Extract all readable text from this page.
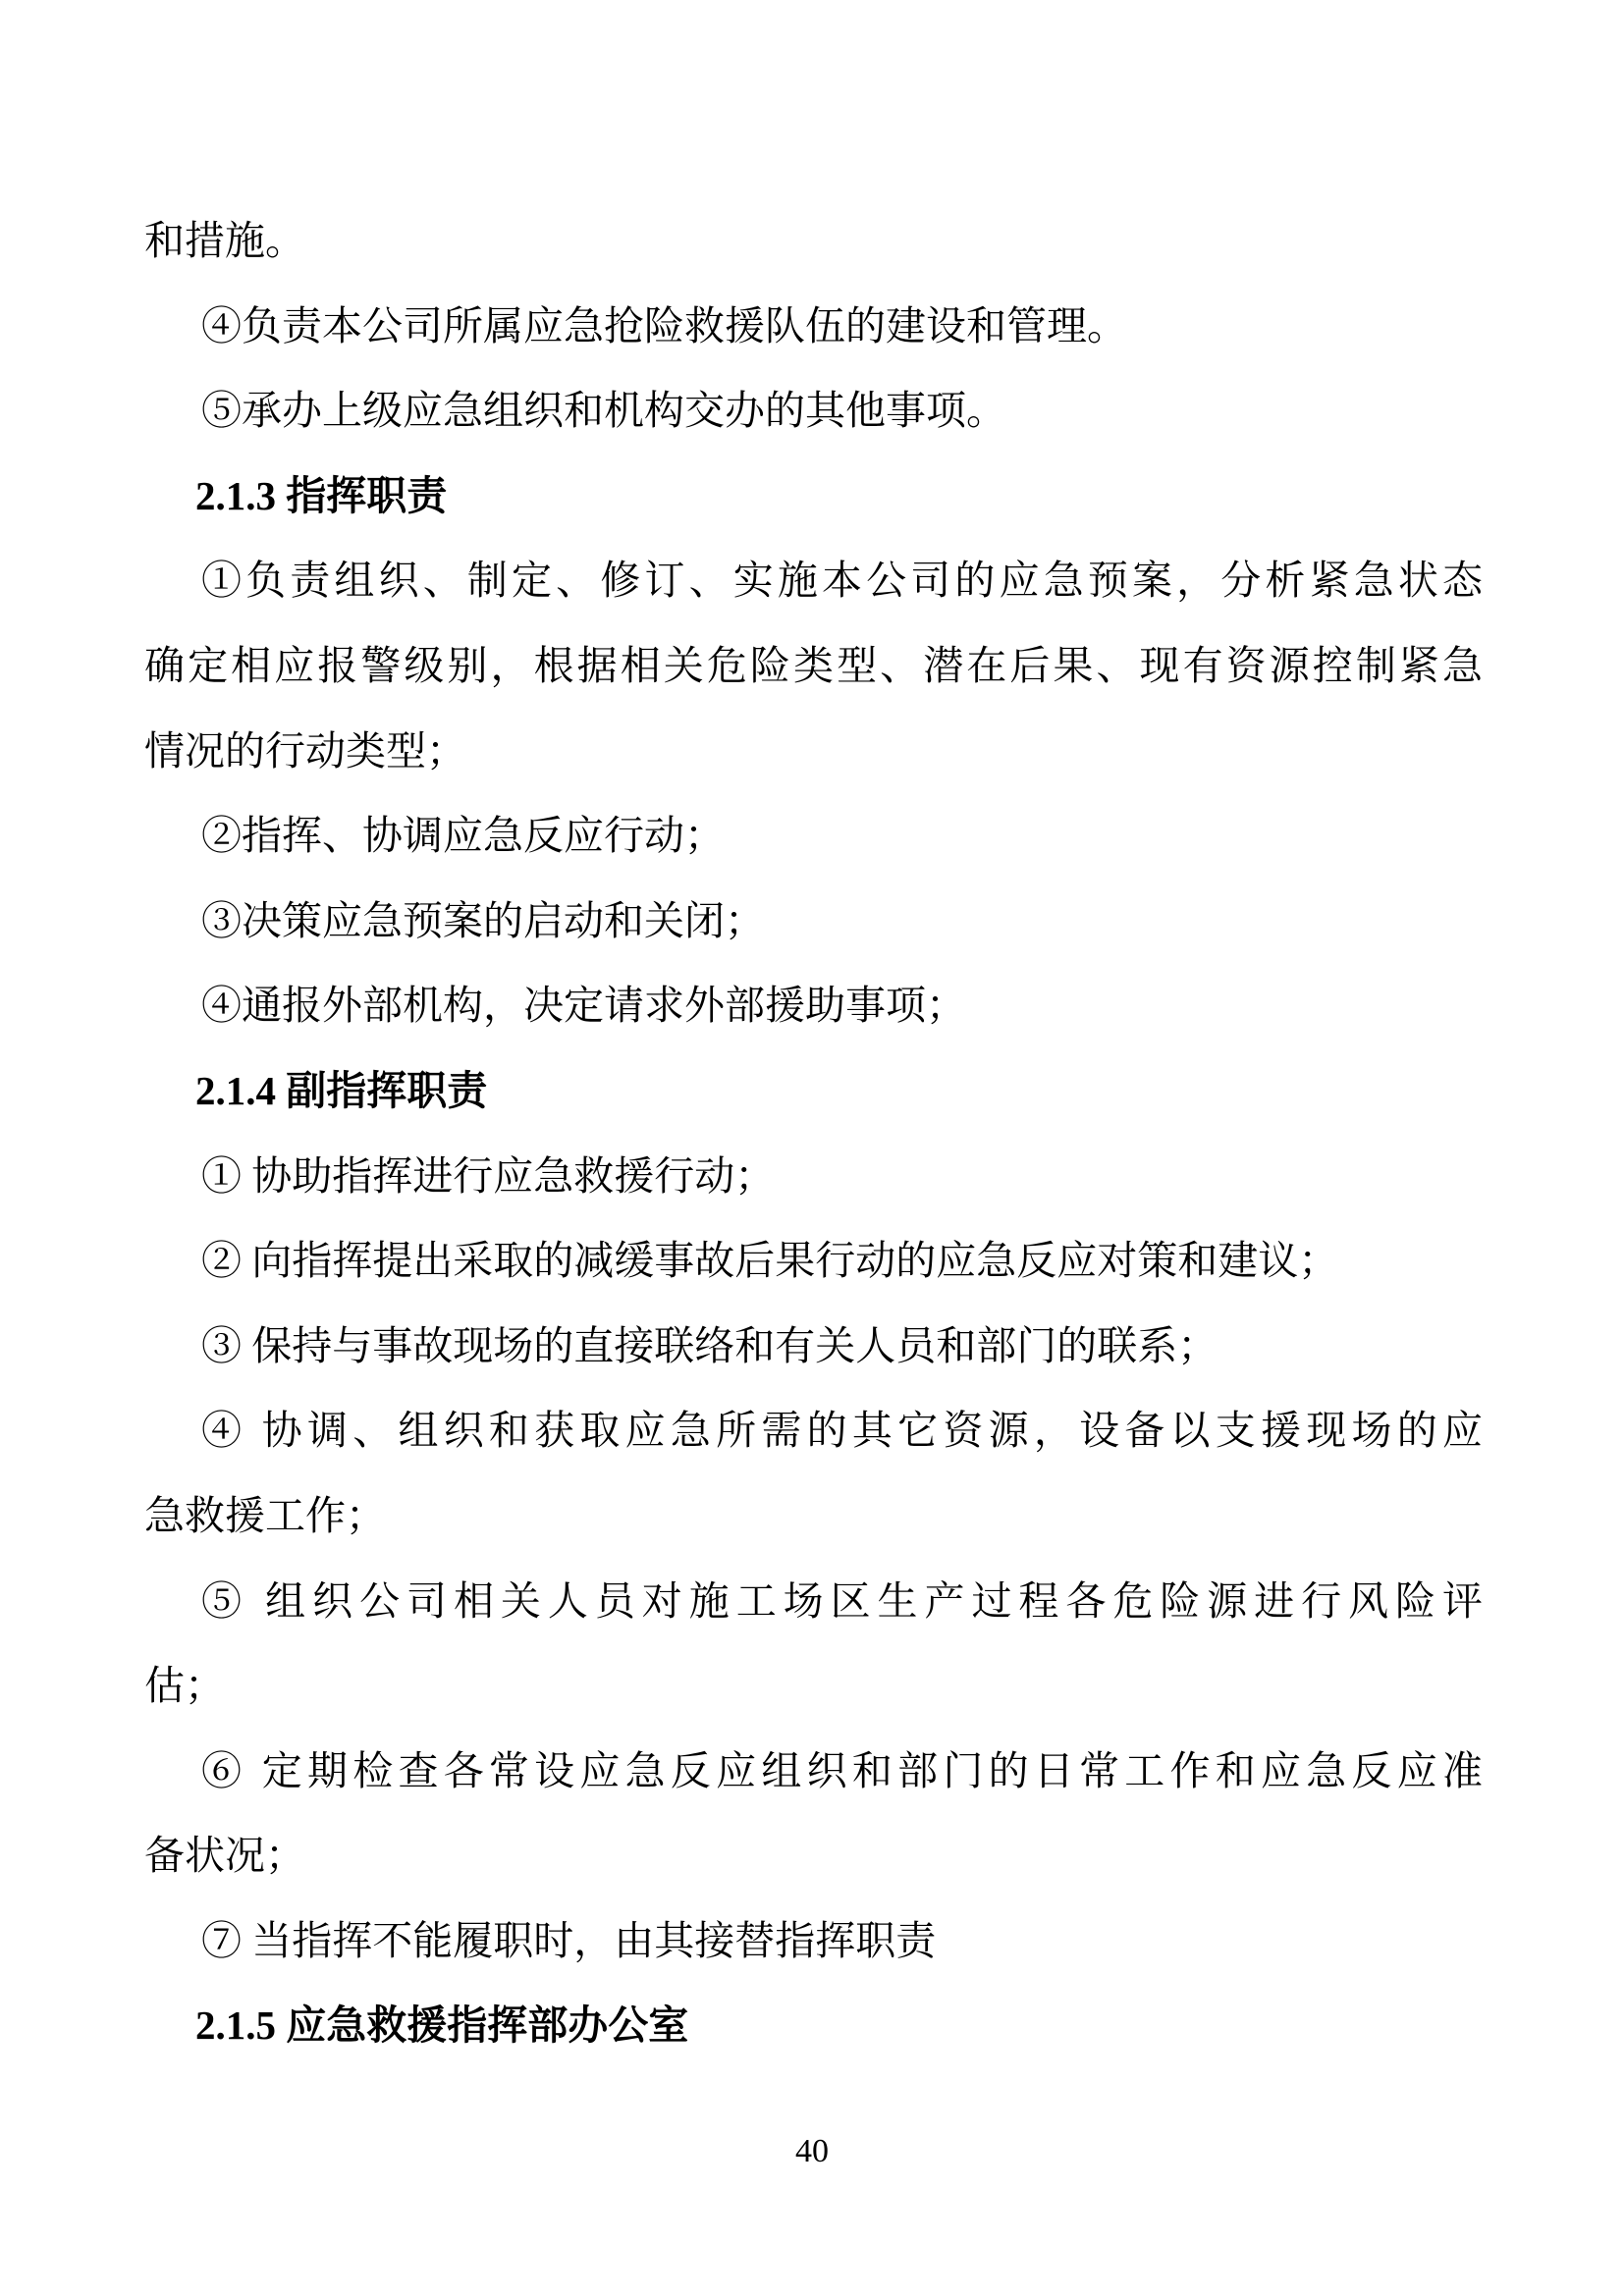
和措施。
④负责本公司所属应急抢险救援队伍的建设和管理。
⑤承办上级应急组织和机构交办的其他事项。
2.1.3 指挥职责
①负责组织、制定、修订、实施本公司的应急预案，分析紧急状态
确定相应报警级别，根据相关危险类型、潜在后果、现有资源控制紧急
情况的行动类型；
②指挥、协调应急反应行动；
③决策应急预案的启动和关闭；
④通报外部机构，决定请求外部援助事项；
2.1.4 副指挥职责
① 协助指挥进行应急救援行动；
② 向指挥提出采取的减缓事故后果行动的应急反应对策和建议；
③ 保持与事故现场的直接联络和有关人员和部门的联系；
④ 协调、组织和获取应急所需的其它资源，设备以支援现场的应
急救援工作；
⑤ 组织公司相关人员对施工场区生产过程各危险源进行风险评
估；
⑥ 定期检查各常设应急反应组织和部门的日常工作和应急反应准
备状况；
⑦ 当指挥不能履职时，由其接替指挥职责
2.1.5 应急救援指挥部办公室
40
